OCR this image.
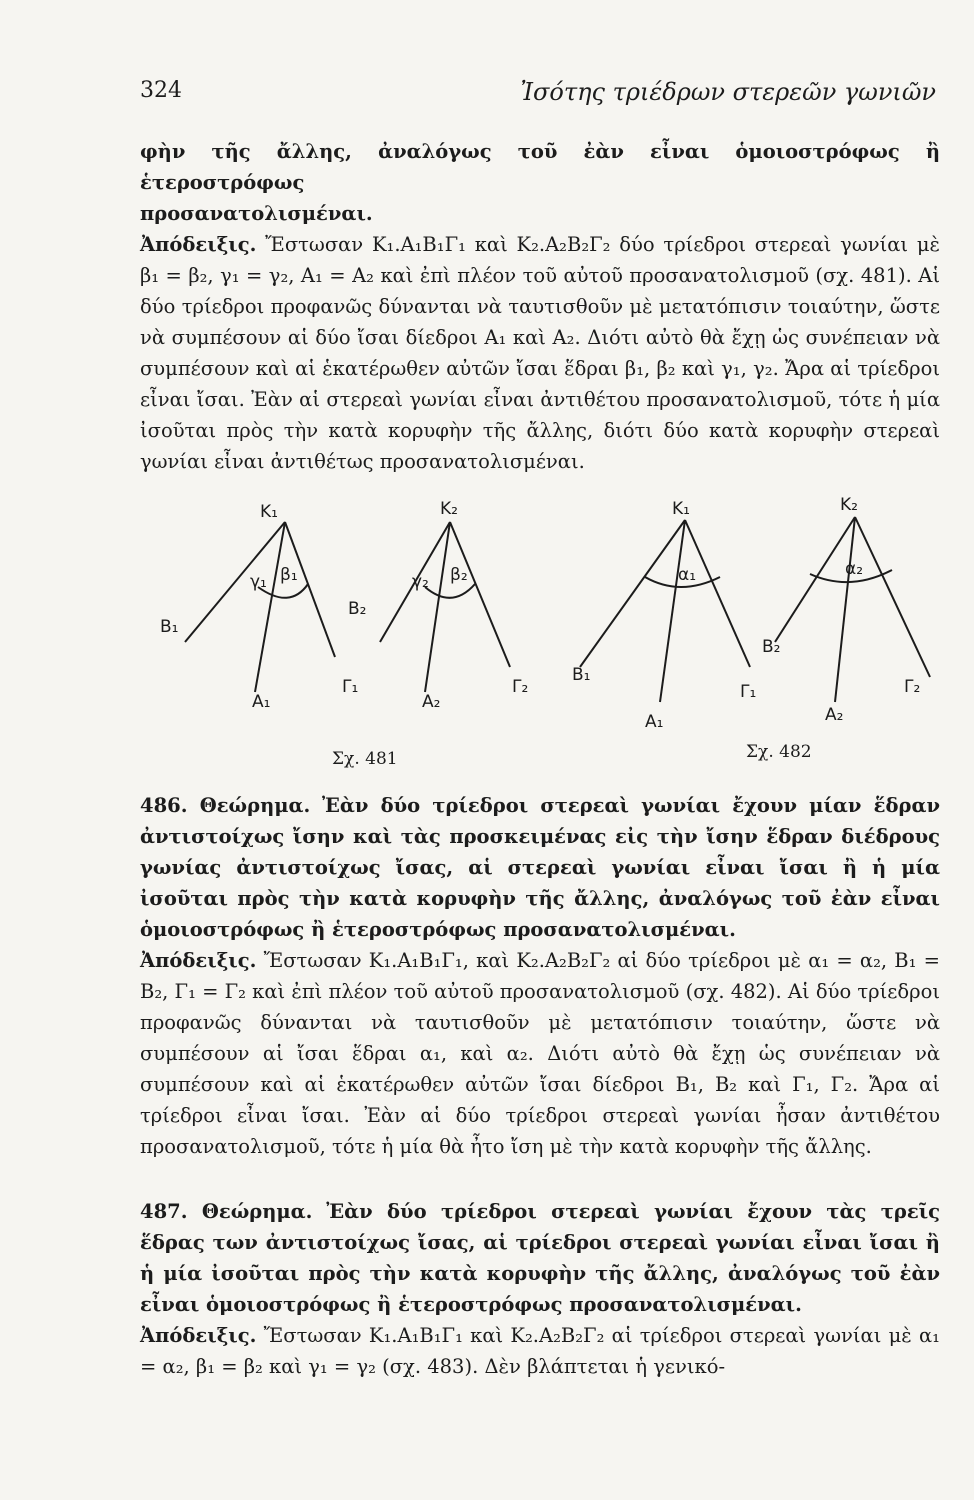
324	Ἰσότης τριέδρων στερεῶν γωνιῶν

φὴν τῆς ἄλλης, ἀναλόγως τοῦ ἐὰν εἶναι ὁμοιοστρόφως ἢ ἑτεροστρόφως

προσανατολισμέναι.

Ἀπόδειξις. Ἔστωσαν Κ₁.Α₁Β₁Γ₁ καὶ Κ₂.Α₂Β₂Γ₂ δύο τρίεδροι στερεαὶ γωνίαι μὲ β₁ = β₂, γ₁ = γ₂, Α₁ = Α₂ καὶ ἐπὶ πλέον τοῦ αὐτοῦ προσανατολισμοῦ (σχ. 481). Αἱ δύο τρίεδροι προφανῶς δύνανται νὰ ταυτισθοῦν μὲ μετατόπισιν τοιαύτην, ὥστε νὰ συμπέσουν αἱ δύο ἴσαι δίεδροι Α₁ καὶ Α₂. Διότι αὐτὸ θὰ ἔχῃ ὡς συνέπειαν νὰ συμπέσουν καὶ αἱ ἑκατέρωθεν αὐτῶν ἴσαι ἕδραι β₁, β₂ καὶ γ₁, γ₂. Ἄρα αἱ τρίεδροι εἶναι ἴσαι. Ἐὰν αἱ στερεαὶ γωνίαι εἶναι ἀντιθέτου προσανατολισμοῦ, τότε ἡ μία ἰσοῦται πρὸς τὴν κατὰ κορυφὴν τῆς ἄλλης, διότι δύο κατὰ κορυφὴν στερεαὶ γωνίαι εἶναι ἀντιθέτως προσανατολισμέναι.

K₁	K₂
γ₁ β₁	γ₂ β₂
B₁
B₂
A₁	A₂
Γ₁	Γ₂
K₁	K₂
α₁	α₂
B₁
B₂
Γ₁	Γ₂
A₁	A₂
Σχ. 481	Σχ. 482

486. Θεώρημα. Ἐὰν δύο τρίεδροι στερεαὶ γωνίαι ἔχουν μίαν ἕδραν ἀντιστοίχως ἴσην καὶ τὰς προσκειμένας εἰς τὴν ἴσην ἕδραν διέδρους γωνίας ἀντιστοίχως ἴσας, αἱ στερεαὶ γωνίαι εἶναι ἴσαι ἢ ἡ μία ἰσοῦται πρὸς τὴν κατὰ κορυφὴν τῆς ἄλλης, ἀναλόγως τοῦ ἐὰν εἶναι ὁμοιοστρόφως ἢ ἑτεροστρόφως προσανατολισμέναι.

Ἀπόδειξις. Ἔστωσαν Κ₁.Α₁Β₁Γ₁, καὶ Κ₂.Α₂Β₂Γ₂ αἱ δύο τρίεδροι μὲ α₁ = α₂, Β₁ = Β₂, Γ₁ = Γ₂ καὶ ἐπὶ πλέον τοῦ αὐτοῦ προσανατολισμοῦ (σχ. 482). Αἱ δύο τρίεδροι προφανῶς δύνανται νὰ ταυτισθοῦν μὲ μετατόπισιν τοιαύτην, ὥστε νὰ συμπέσουν αἱ ἴσαι ἕδραι α₁, καὶ α₂. Διότι αὐτὸ θὰ ἔχῃ ὡς συνέπειαν νὰ συμπέσουν καὶ αἱ ἑκατέρωθεν αὐτῶν ἴσαι δίεδροι Β₁, Β₂ καὶ Γ₁, Γ₂. Ἄρα αἱ τρίεδροι εἶναι ἴσαι. Ἐὰν αἱ δύο τρίεδροι στερεαὶ γωνίαι ἦσαν ἀντιθέτου προσανατολισμοῦ, τότε ἡ μία θὰ ἦτο ἴση μὲ τὴν κατὰ κορυφὴν τῆς ἄλλης.

487. Θεώρημα. Ἐὰν δύο τρίεδροι στερεαὶ γωνίαι ἔχουν τὰς τρεῖς ἕδρας των ἀντιστοίχως ἴσας, αἱ τρίεδροι στερεαὶ γωνίαι εἶναι ἴσαι ἢ ἡ μία ἰσοῦται πρὸς τὴν κατὰ κορυφὴν τῆς ἄλλης, ἀναλόγως τοῦ ἐὰν εἶναι ὁμοιοστρόφως ἢ ἑτεροστρόφως προσανατολισμέναι.

Ἀπόδειξις. Ἔστωσαν Κ₁.Α₁Β₁Γ₁ καὶ Κ₂.Α₂Β₂Γ₂ αἱ τρίεδροι στερεαὶ γωνίαι μὲ α₁ = α₂, β₁ = β₂ καὶ γ₁ = γ₂ (σχ. 483). Δὲν βλάπτεται ἡ γενικό-
